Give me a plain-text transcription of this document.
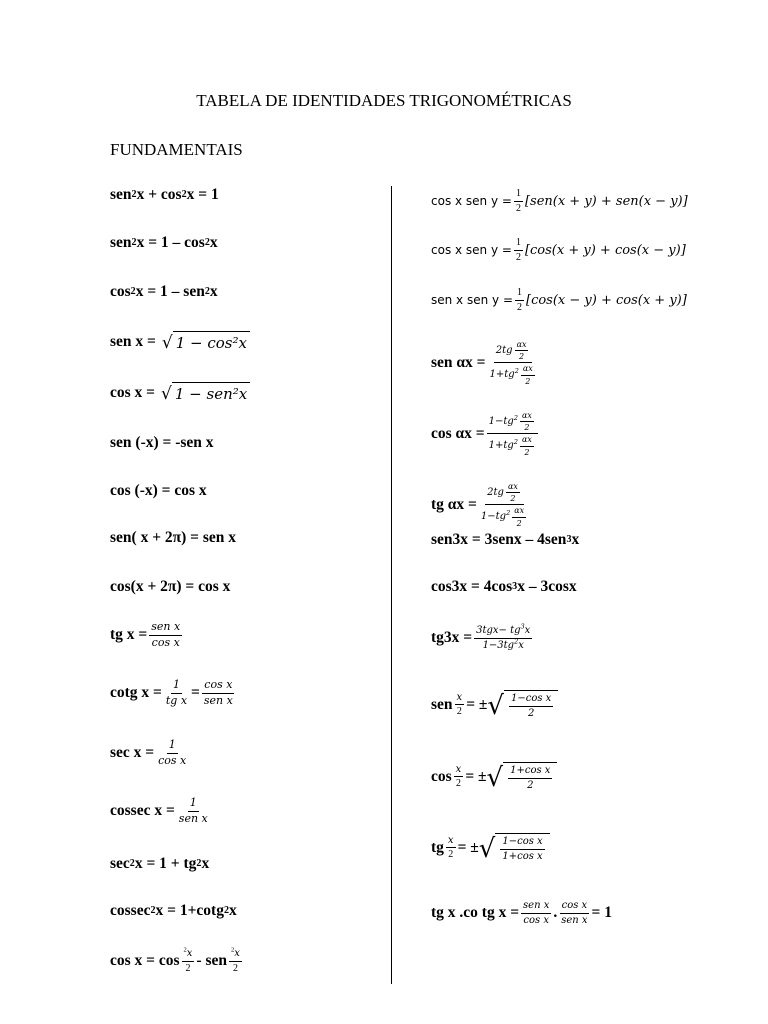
TABELA DE IDENTIDADES TRIGONOMÉTRICAS
FUNDAMENTAIS
sen 2 x + cos 2 x = 1
sen 2 x = 1 – cos 2 x
cos 2 x = 1 – sen 2 x
sen x = √ 1 − cos²x
cos x = √ 1 − sen²x
sen (-x) = -sen x
cos (-x) = cos x
sen( x + 2π) = sen x
cos(x + 2π) = cos x
tg $x = \frac{\text{sen x}}{\text{cos x}}$
cotg $x = \frac{1}{\text{tg x}} = \frac{\text{cos x}}{\text{sen x}}$
$\sec x = \frac{1}{\text{cos x}}$
cossec $x = \frac{1}{\text{sen x}}$
sec 2 x = 1 + tg 2 x
cossec 2 x = 1+cotg 2 x
$\cos x = \cos \frac{^2x}{2}$ - sen $\frac{^2x}{2}$
cos x sen $y = \frac{1}{2} [sen(x + y) + sen(x - y)]$
cos x sen $y = \frac{1}{2} [\cos(x + y) + \cos(x - y)]$
sen x sen $y = \frac{1}{2} [\cos(x - y) + \cos(x + y)]$
sen $\alpha x = \frac{2tg \frac{\alpha x}{2}}{1+tg^2 \frac{\alpha x}{2}}$
$\cos \alpha x = \frac{1-tg^2 \frac{\alpha x}{2}}{1+tg^2 \frac{\alpha x}{2}}$
tg $\alpha x = \frac{2tg \frac{\alpha x}{2}}{1-tg^2 \frac{\alpha x}{2}}$
sen3x = 3senx – 4sen 3 x
cos3x = 4cos 3 x – 3cosx
$tg3x = \frac{3tgx- tg^3x}{1-3tg^2x}$
sen $\frac{x}{2}$ = ± √ $\frac{\text{1−cos x}}{2}$
$\cos \frac{x}{2}$ = ± √ $\frac{\text{1+cos x}}{2}$
tg $\frac{x}{2}$ = ± √ $\frac{\text{1−cos x}}{\text{1+cos x}}$
tg x .co tg $x = \frac{\text{sen x}}{\text{cos x}}$ . $\frac{\text{cos x}}{\text{sen x}} = 1$
